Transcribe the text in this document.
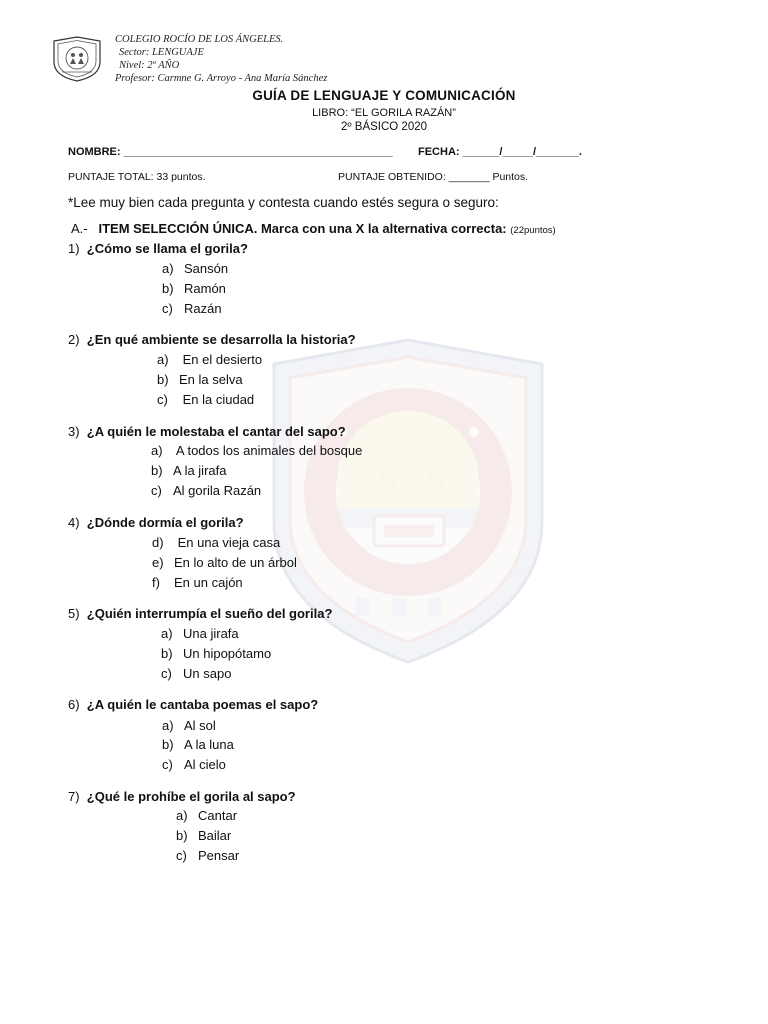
COLEGIO ROCÍO DE LOS ÁNGELES.
Sector: LENGUAJE
Nivel: 2º AÑO
Profesor: Carmne G. Arroyo - Ana María Sánchez
GUÍA DE LENGUAJE Y COMUNICACIÓN
LIBRO: “EL GORILA RAZÁN”
2º BÁSICO 2020
NOMBRE: ____________________________________________ FECHA: ______/_____/_______.
PUNTAJE TOTAL: 33 puntos.	PUNTAJE OBTENIDO: _______ Puntos.
*Lee muy bien cada pregunta y contesta cuando estés segura o seguro:
A.- ITEM SELECCIÓN ÚNICA. Marca con una X la alternativa correcta: (22puntos)
1) ¿Cómo se llama el gorila?
a) Sansón
b) Ramón
c) Razán
2) ¿En qué ambiente se desarrolla la historia?
a) En el desierto
b) En la selva
c) En la ciudad
3) ¿A quién le molestaba el cantar del sapo?
a) A todos los animales del bosque
b) A la jirafa
c) Al gorila Razán
4) ¿Dónde dormía el gorila?
d) En una vieja casa
e) En lo alto de un árbol
f) En un cajón
5) ¿Quién interrumpía el sueño del gorila?
a) Una jirafa
b) Un hipopótamo
c) Un sapo
6) ¿A quién le cantaba poemas el sapo?
a) Al sol
b) A la luna
c) Al cielo
7) ¿Qué le prohíbe el gorila al sapo?
a) Cantar
b) Bailar
c) Pensar
